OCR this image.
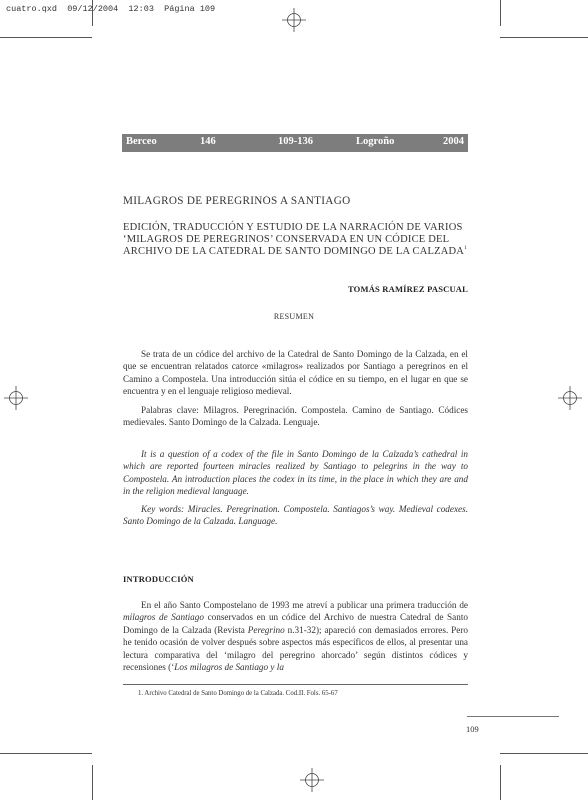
cuatro.qxd  09/12/2004  12:03  Página 109
Berceo	146	109-136	Logroño	2004
MILAGROS DE PEREGRINOS A SANTIAGO
EDICIÓN, TRADUCCIÓN Y ESTUDIO DE LA NARRACIÓN DE VARIOS ‘MILAGROS DE PEREGRINOS’ CONSERVADA EN UN CÓDICE DEL ARCHIVO DE LA CATEDRAL DE SANTO DOMINGO DE LA CALZADA$^1$
TOMÁS RAMÍREZ PASCUAL
RESUMEN
Se trata de un códice del archivo de la Catedral de Santo Domingo de la Calzada, en el que se encuentran relatados catorce «milagros» realizados por Santiago a peregrinos en el Camino a Compostela. Una introducción sitúa el códice en su tiempo, en el lugar en que se encuentra y en el lenguaje religioso medieval.
Palabras clave: Milagros. Peregrinación. Compostela. Camino de Santiago. Códices medievales. Santo Domingo de la Calzada. Lenguaje.
It is a question of a codex of the file in Santo Domingo de la Calzada’s cathedral in which are reported fourteen miracles realized by Santiago to pelegrins in the way to Compostela. An introduction places the codex in its time, in the place in which they are and in the religion medieval language.
Key words: Miracles. Peregrination. Compostela. Santiagos’s way. Medieval codexes. Santo Domingo de la Calzada. Language.
INTRODUCCIÓN
En el año Santo Compostelano de 1993 me atreví a publicar una primera traducción de milagros de Santiago conservados en un códice del Archivo de nuestra Catedral de Santo Domingo de la Calzada (Revista Peregrino n.31-32); apareció con demasiados errores. Pero he tenido ocasión de volver después sobre aspectos más específicos de ellos, al presentar una lectura comparativa del ‘milagro del peregrino ahorcado’ según distintos códices y recensiones (‘Los milagros de Santiago y la
1. Archivo Catedral de Santo Domingo de la Calzada. Cod.II. Fols. 65-67
109
